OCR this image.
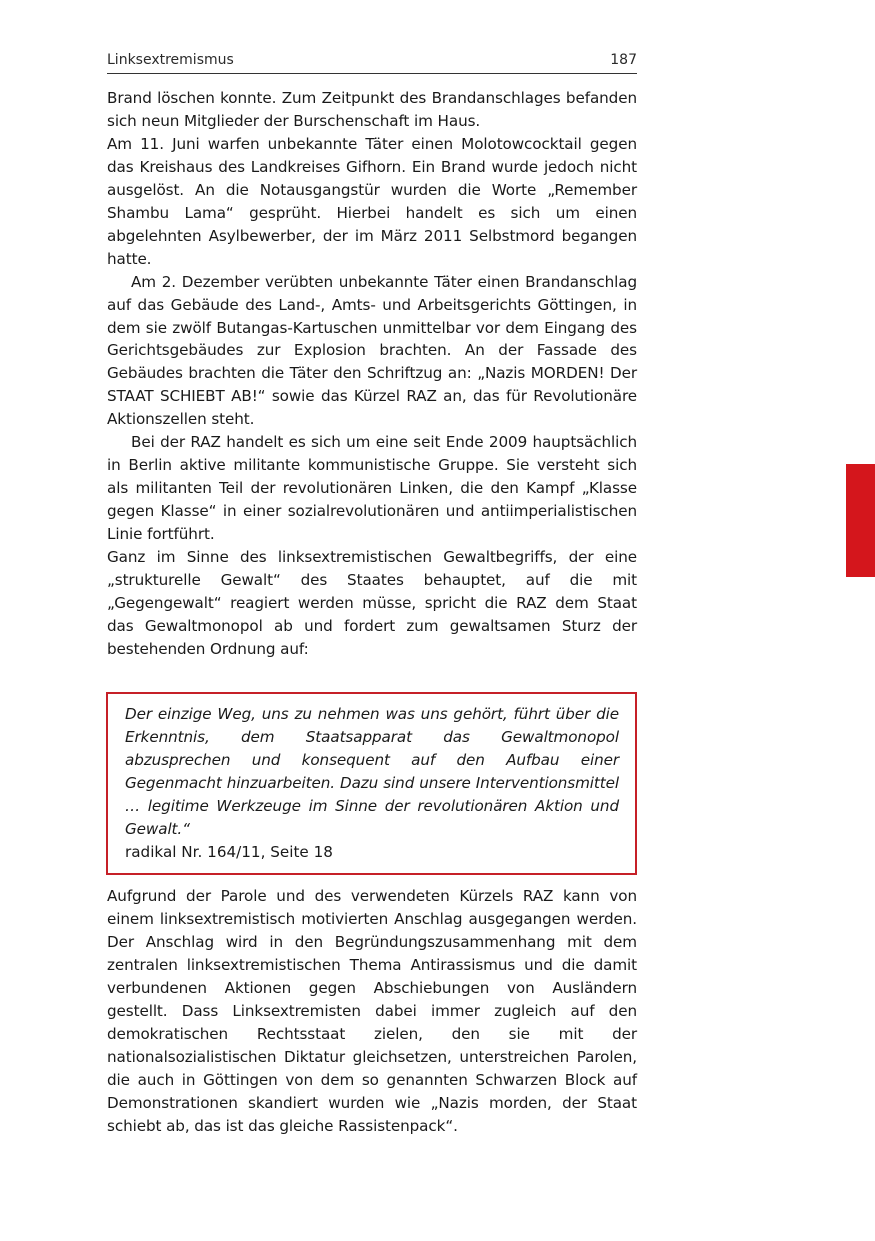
Linksextremismus	187

Brand löschen konnte. Zum Zeitpunkt des Brandanschlages befanden sich neun Mitglieder der Burschenschaft im Haus.

Am 11. Juni warfen unbekannte Täter einen Molotowcocktail gegen das Kreishaus des Landkreises Gifhorn. Ein Brand wurde jedoch nicht ausgelöst. An die Notausgangstür wurden die Worte „Remember Shambu Lama“ gesprüht. Hierbei handelt es sich um einen abgelehnten Asylbewerber, der im März 2011 Selbstmord begangen hatte.

Am 2. Dezember verübten unbekannte Täter einen Brandanschlag auf das Gebäude des Land-, Amts- und Arbeitsgerichts Göttingen, in dem sie zwölf Butangas-Kartuschen unmittelbar vor dem Eingang des Gerichtsgebäudes zur Explosion brachten. An der Fassade des Gebäudes brachten die Täter den Schriftzug an: „Nazis MORDEN! Der STAAT SCHIEBT AB!“ sowie das Kürzel RAZ an, das für Revolutionäre Aktionszellen steht.

Bei der RAZ handelt es sich um eine seit Ende 2009 hauptsächlich in Berlin aktive militante kommunistische Gruppe. Sie versteht sich als militanten Teil der revolutionären Linken, die den Kampf „Klasse gegen Klasse“ in einer sozialrevolutionären und antiimperialistischen Linie fortführt.

Ganz im Sinne des linksextremistischen Gewaltbegriffs, der eine „strukturelle Gewalt“ des Staates behauptet, auf die mit „Gegengewalt“ reagiert werden müsse, spricht die RAZ dem Staat das Gewaltmonopol ab und fordert zum gewaltsamen Sturz der bestehenden Ordnung auf:

Der einzige Weg, uns zu nehmen was uns gehört, führt über die Erkenntnis, dem Staatsapparat das Gewaltmonopol abzusprechen und konsequent auf den Aufbau einer Gegenmacht hinzuarbeiten. Dazu sind unsere Interventionsmittel … legitime Werkzeuge im Sinne der revolutionären Aktion und Gewalt.“

radikal Nr. 164/11, Seite 18

Aufgrund der Parole und des verwendeten Kürzels RAZ kann von einem linksextremistisch motivierten Anschlag ausgegangen werden. Der Anschlag wird in den Begründungszusammenhang mit dem zentralen linksextremistischen Thema Antirassismus und die damit verbundenen Aktionen gegen Abschiebungen von Ausländern gestellt. Dass Linksextremisten dabei immer zugleich auf den demokratischen Rechtsstaat zielen, den sie mit der nationalsozialistischen Diktatur gleichsetzen, unterstreichen Parolen, die auch in Göttingen von dem so genannten Schwarzen Block auf Demonstrationen skandiert wurden wie „Nazis morden, der Staat schiebt ab, das ist das gleiche Rassistenpack“.
